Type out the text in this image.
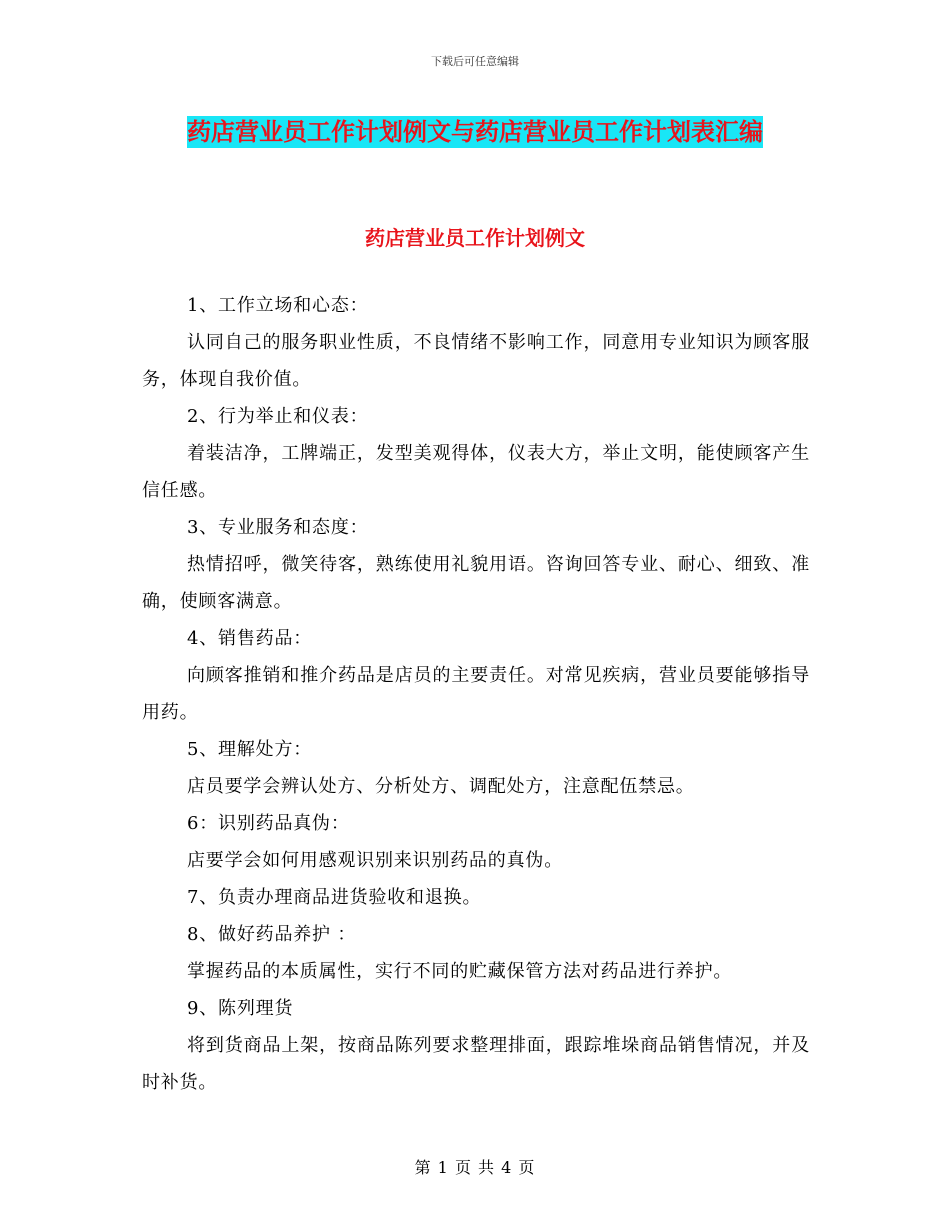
下载后可任意编辑
药店营业员工作计划例文与药店营业员工作计划表汇编
药店营业员工作计划例文

1、工作立场和心态：

认同自己的服务职业性质，不良情绪不影响工作，同意用专业知识为顾客服务，体现自我价值。

2、行为举止和仪表：

着装洁净，工牌端正，发型美观得体，仪表大方，举止文明，能使顾客产生信任感。

3、专业服务和态度：

热情招呼，微笑待客，熟练使用礼貌用语。咨询回答专业、耐心、细致、准确，使顾客满意。

4、销售药品：

向顾客推销和推介药品是店员的主要责任。对常见疾病，营业员要能够指导用药。

5、理解处方：

店员要学会辨认处方、分析处方、调配处方，注意配伍禁忌。

6：识别药品真伪：

店要学会如何用感观识别来识别药品的真伪。

7、负责办理商品进货验收和退换。

8、做好药品养护 ：

掌握药品的本质属性，实行不同的贮藏保管方法对药品进行养护。

9、陈列理货

将到货商品上架，按商品陈列要求整理排面，跟踪堆垛商品销售情况，并及时补货。

第 1 页 共 4 页
